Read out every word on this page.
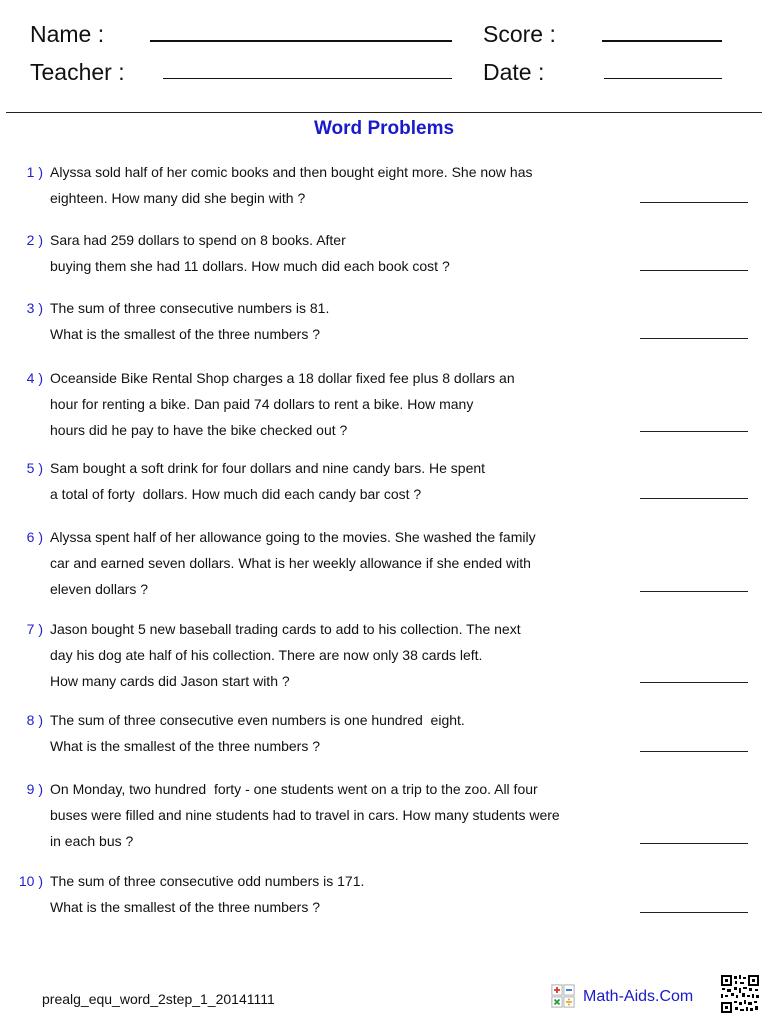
Name :
Teacher :
Score :
Date :
Word Problems
1 ) Alyssa sold half of her comic books and then bought eight more. She now has
eighteen. How many did she begin with ?
2 ) Sara had 259 dollars to spend on 8 books. After
buying them she had 11 dollars. How much did each book cost ?
3 ) The sum of three consecutive numbers is 81.
What is the smallest of the three numbers ?
4 ) Oceanside Bike Rental Shop charges a 18 dollar fixed fee plus 8 dollars an
hour for renting a bike. Dan paid 74 dollars to rent a bike. How many
hours did he pay to have the bike checked out ?
5 ) Sam bought a soft drink for four dollars and nine candy bars. He spent
a total of forty  dollars. How much did each candy bar cost ?
6 ) Alyssa spent half of her allowance going to the movies. She washed the family
car and earned seven dollars. What is her weekly allowance if she ended with
eleven dollars ?
7 ) Jason bought 5 new baseball trading cards to add to his collection. The next
day his dog ate half of his collection. There are now only 38 cards left.
How many cards did Jason start with ?
8 ) The sum of three consecutive even numbers is one hundred  eight.
What is the smallest of the three numbers ?
9 ) On Monday, two hundred  forty - one students went on a trip to the zoo. All four
buses were filled and nine students had to travel in cars. How many students were
in each bus ?
10 ) The sum of three consecutive odd numbers is 171.
What is the smallest of the three numbers ?
prealg_equ_word_2step_1_20141111	Math-Aids.Com
